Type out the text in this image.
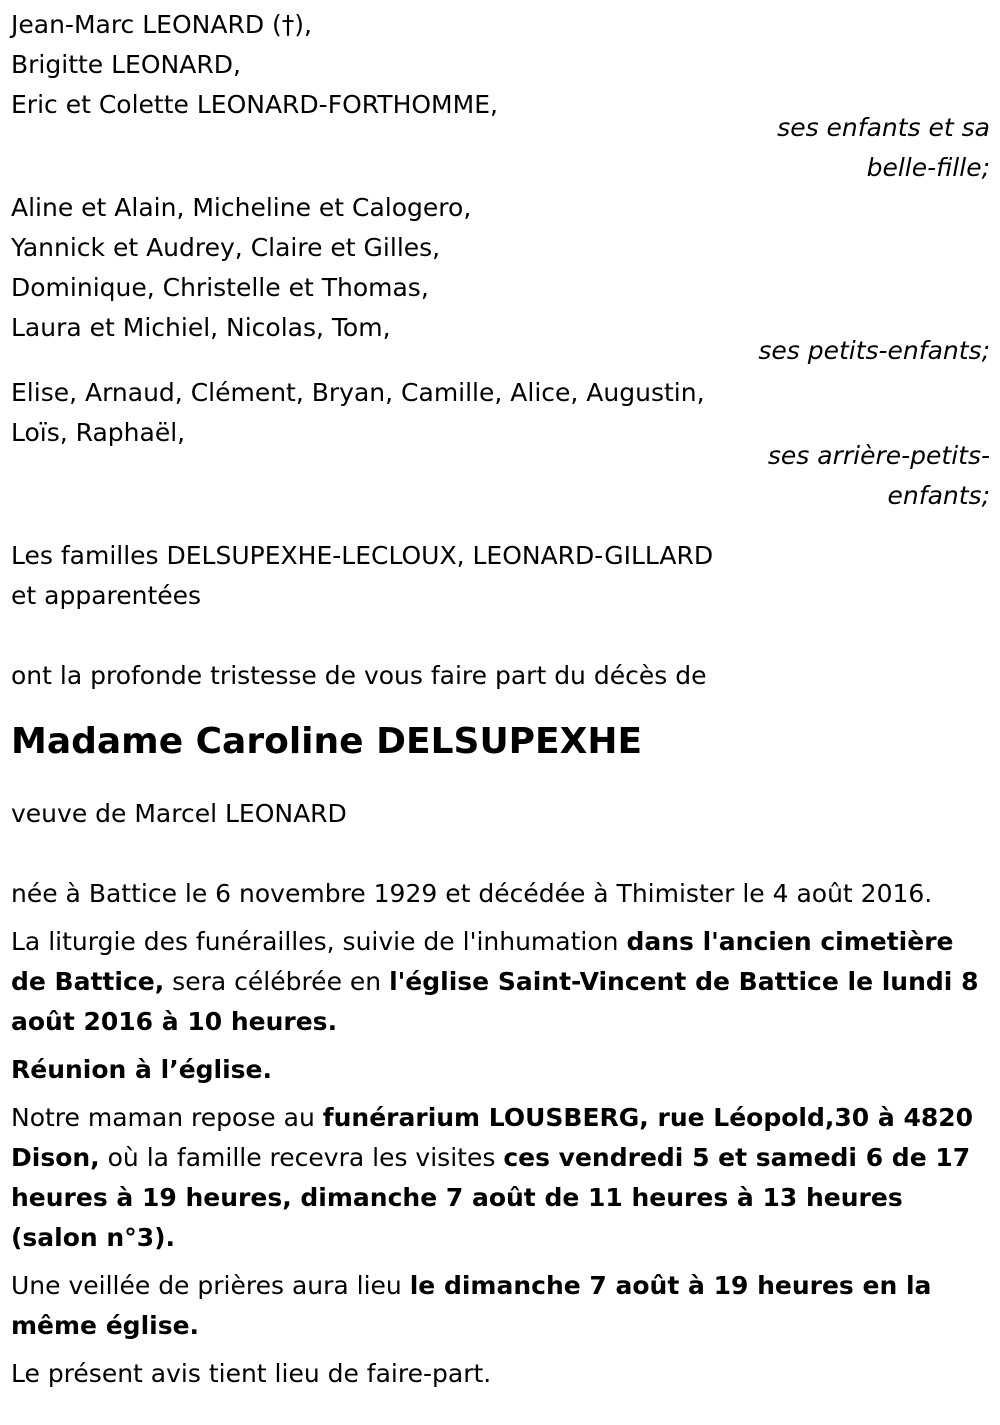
Jean-Marc LEONARD (†),
Brigitte LEONARD,
Eric et Colette LEONARD-FORTHOMME,
ses enfants et sa
belle-fille;
Aline et Alain, Micheline et Calogero,
Yannick et Audrey, Claire et Gilles,
Dominique, Christelle et Thomas,
Laura et Michiel, Nicolas, Tom,
ses petits-enfants;
Elise, Arnaud, Clément, Bryan, Camille, Alice, Augustin,
Loïs, Raphaël,
ses arrière-petits-
enfants;
Les familles DELSUPEXHE-LECLOUX, LEONARD-GILLARD
et apparentées
ont la profonde tristesse de vous faire part du décès de
Madame Caroline DELSUPEXHE
veuve de Marcel LEONARD

née à Battice le 6 novembre 1929 et décédée à Thimister le 4 août 2016.

La liturgie des funérailles, suivie de l'inhumation dans l'ancien cimetière de Battice, sera célébrée en l'église Saint-Vincent de Battice le lundi 8 août 2016 à 10 heures.

Réunion à l’église.

Notre maman repose au funérarium LOUSBERG, rue Léopold,30 à 4820 Dison, où la famille recevra les visites ces vendredi 5 et samedi 6 de 17 heures à 19 heures, dimanche 7 août de 11 heures à 13 heures (salon n°3).

Une veillée de prières aura lieu le dimanche 7 août à 19 heures en la même église.

Le présent avis tient lieu de faire-part.
